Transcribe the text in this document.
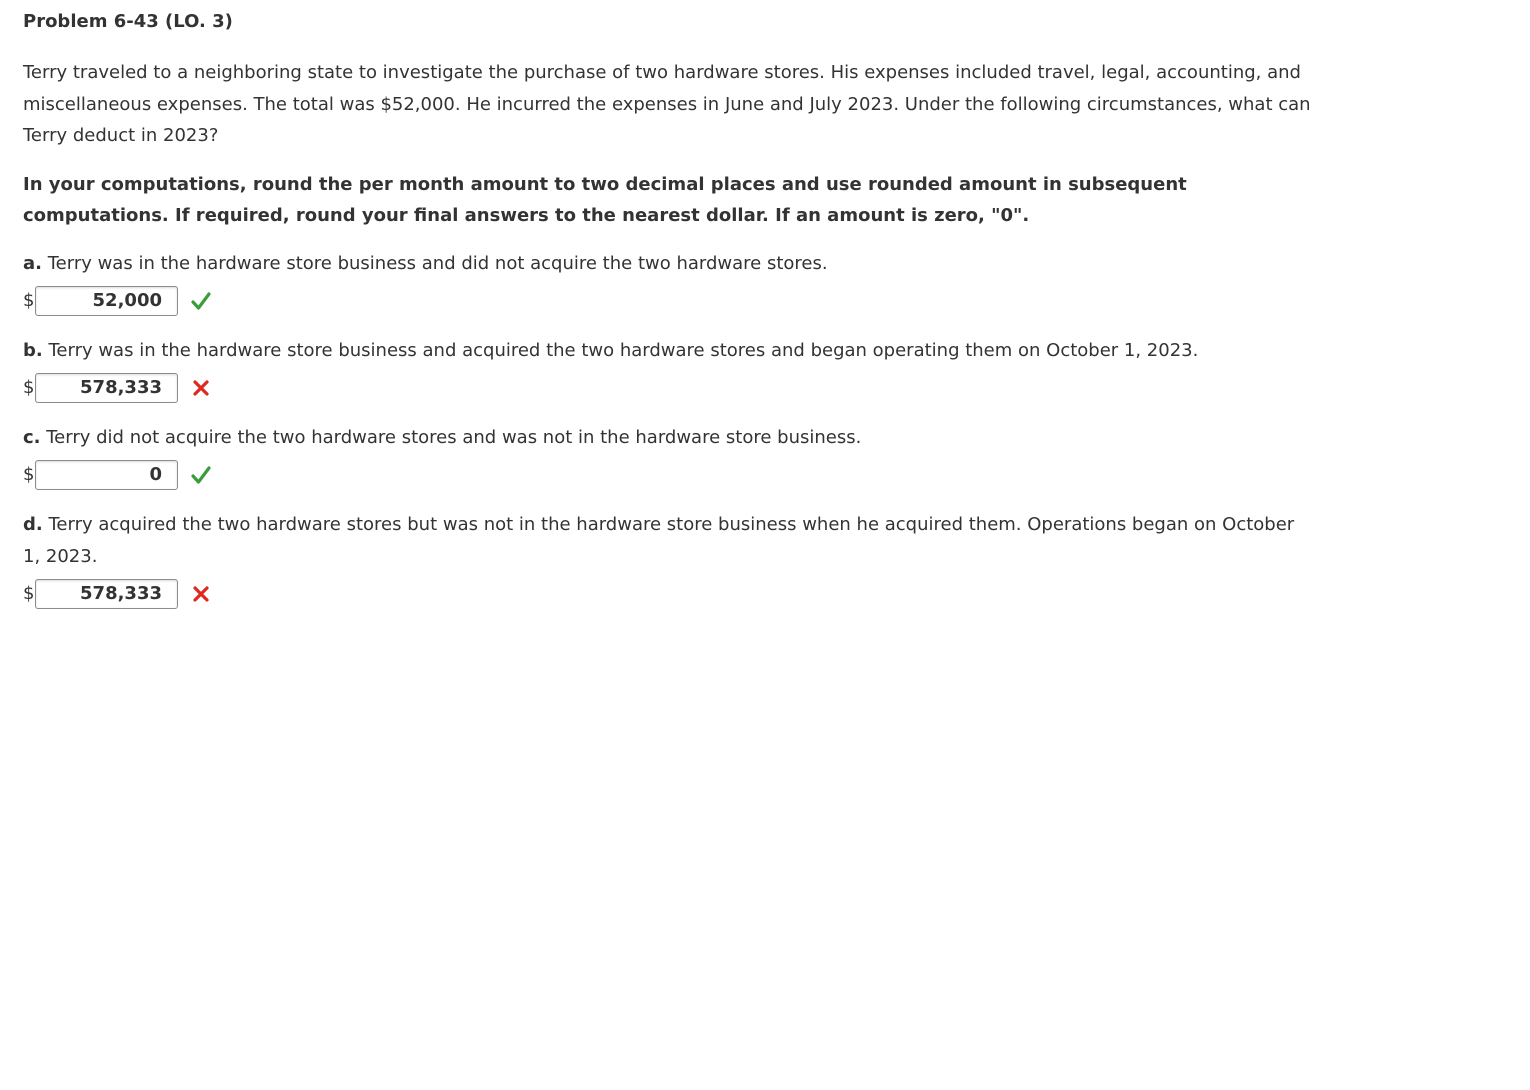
Problem 6-43 (LO. 3)

Terry traveled to a neighboring state to investigate the purchase of two hardware stores. His expenses included travel, legal, accounting, and miscellaneous expenses. The total was $52,000. He incurred the expenses in June and July 2023. Under the following circumstances, what can Terry deduct in 2023?

In your computations, round the per month amount to two decimal places and use rounded amount in subsequent computations. If required, round your final answers to the nearest dollar. If an amount is zero, "0".

a. Terry was in the hardware store business and did not acquire the two hardware stores.

$	52,000

b. Terry was in the hardware store business and acquired the two hardware stores and began operating them on October 1, 2023.

$	578,333

c. Terry did not acquire the two hardware stores and was not in the hardware store business.

$	0

d. Terry acquired the two hardware stores but was not in the hardware store business when he acquired them. Operations began on October 1, 2023.

$	578,333
